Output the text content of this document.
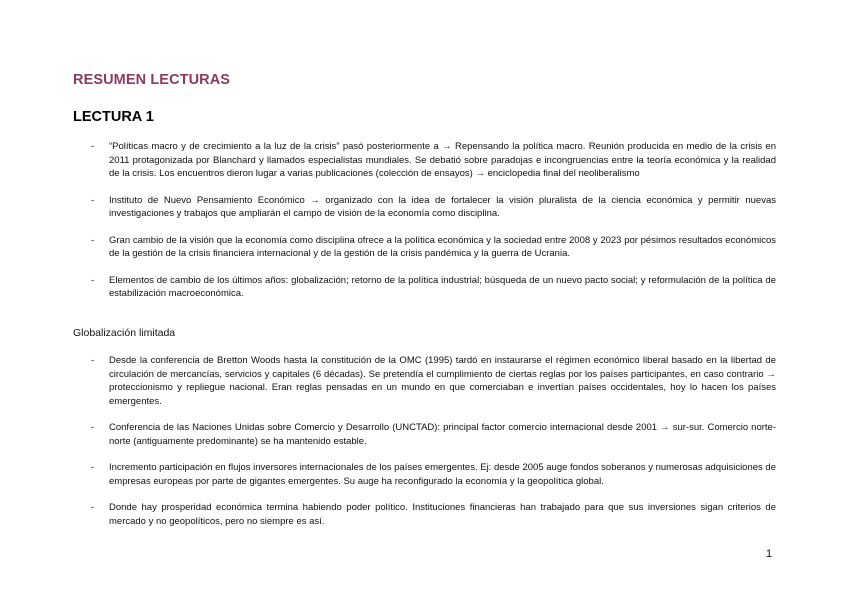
RESUMEN LECTURAS
LECTURA 1
- “Políticas macro y de crecimiento a la luz de la crisis” pasó posteriormente a → Repensando la política macro. Reunión producida en medio de la crisis en 2011 protagonizada por Blanchard y llamados especialistas mundiales. Se debatió sobre paradojas e incongruencias entre la teoría económica y la realidad de la crisis. Los encuentros dieron lugar a varias publicaciones (colección de ensayos) → enciclopedia final del neoliberalismo
- Instituto de Nuevo Pensamiento Económico → organizado con la idea de fortalecer la visión pluralista de la ciencia económica y permitir nuevas investigaciones y trabajos que ampliarán el campo de visión de la economía como disciplina.
- Gran cambio de la visión que la economía como disciplina ofrece a la política económica y la sociedad entre 2008 y 2023 por pésimos resultados económicos de la gestión de la crisis financiera internacional y de la gestión de la crisis pandémica y la guerra de Ucrania.
- Elementos de cambio de los últimos años: globalización; retorno de la política industrial; búsqueda de un nuevo pacto social; y reformulación de la política de estabilización macroeconómica.
Globalización limitada
- Desde la conferencia de Bretton Woods hasta la constitución de la OMC (1995) tardó en instaurarse el régimen económico liberal basado en la libertad de circulación de mercancías, servicios y capitales (6 décadas). Se pretendía el cumplimiento de ciertas reglas por los países participantes, en caso contrario → proteccionismo y repliegue nacional. Eran reglas pensadas en un mundo en que comerciaban e invertían países occidentales, hoy lo hacen los países emergentes.
- Conferencia de las Naciones Unidas sobre Comercio y Desarrollo (UNCTAD): principal factor comercio internacional desde 2001 → sur-sur. Comercio norte-norte (antiguamente predominante) se ha mantenido estable.
- Incremento participación en flujos inversores internacionales de los países emergentes. Ej: desde 2005 auge fondos soberanos y numerosas adquisiciones de empresas europeas por parte de gigantes emergentes. Su auge ha reconfigurado la economía y la geopolítica global.
- Donde hay prosperidad económica termina habiendo poder político. Instituciones financieras han trabajado para que sus inversiones sigan criterios de mercado y no geopolíticos, pero no siempre es así.
1
